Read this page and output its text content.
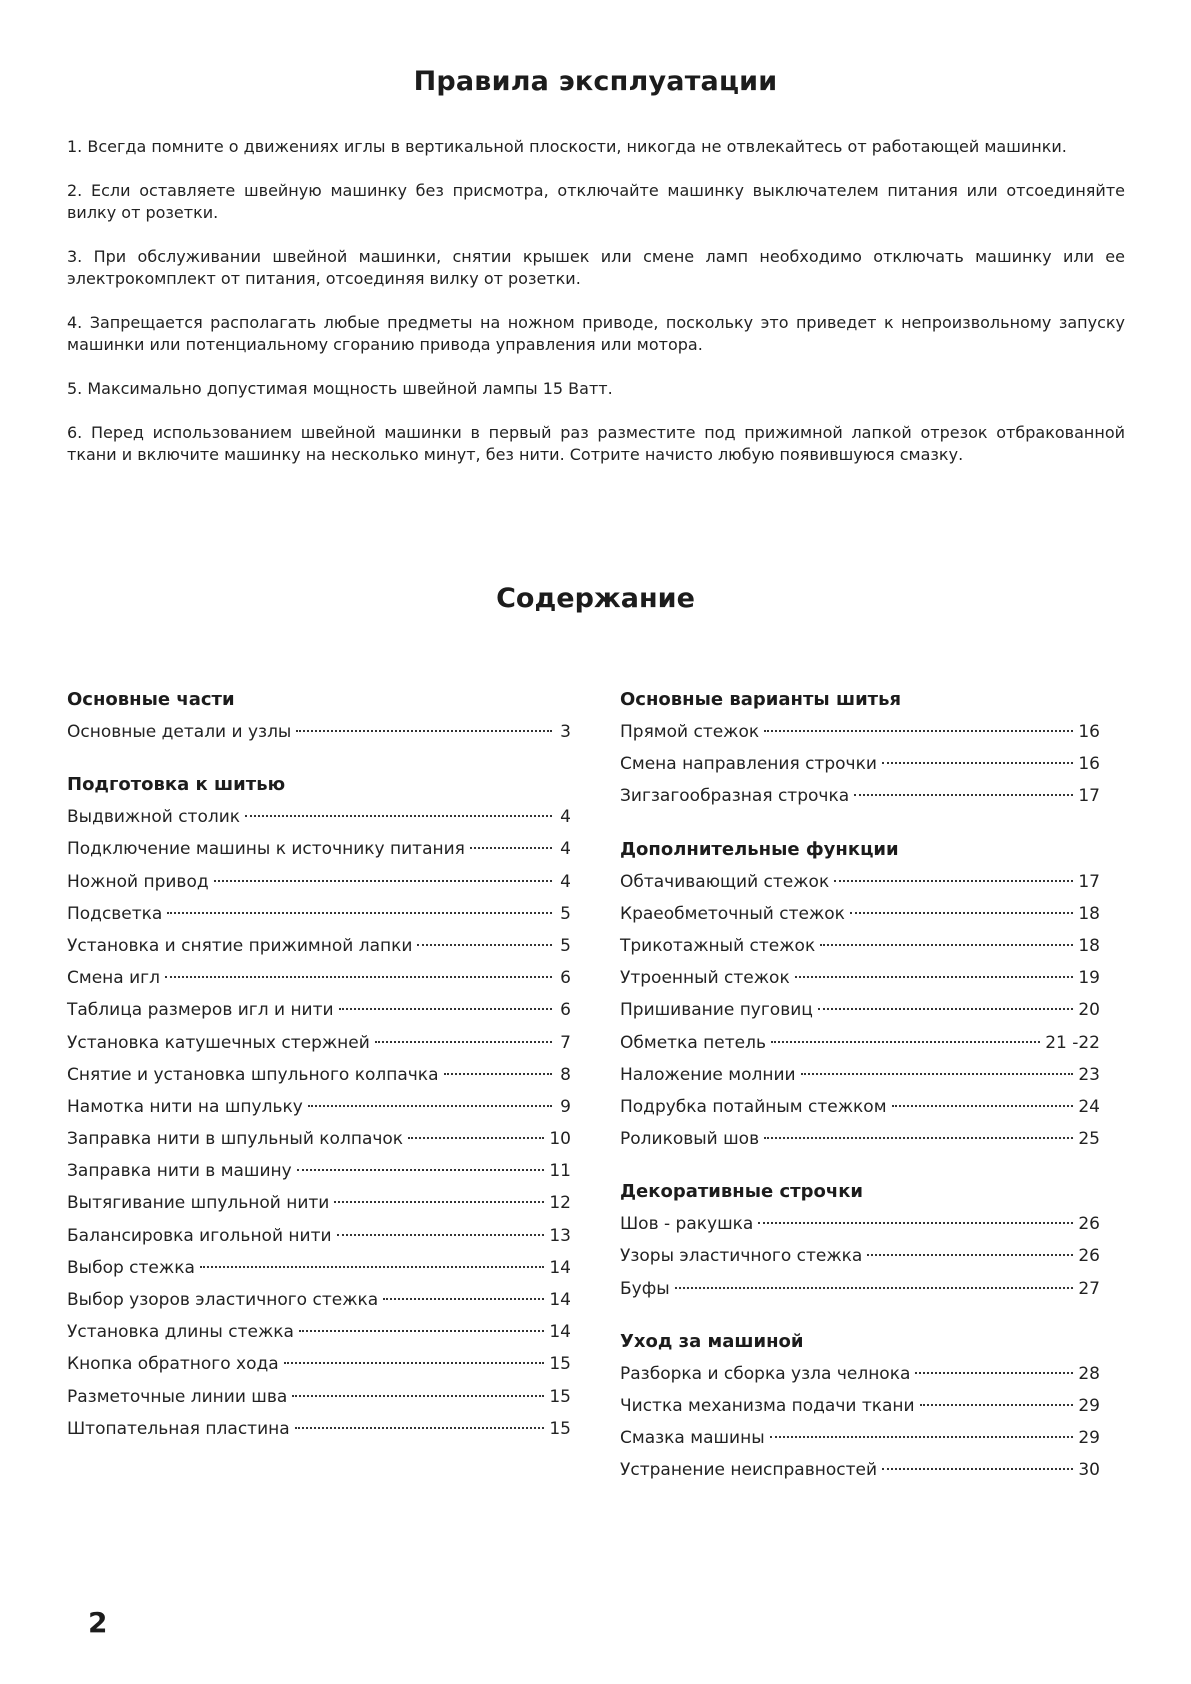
Правила эксплуатации

1. Всегда помните о движениях иглы в вертикальной плоскости, никогда не отвлекайтесь от работающей машинки.

2. Если оставляете швейную машинку без присмотра, отключайте машинку выключателем питания или отсоединяйте вилку от розетки.

3. При обслуживании швейной машинки, снятии крышек или смене ламп необходимо отключать машинку или ее электрокомплект от питания, отсоединяя вилку от розетки.

4. Запрещается располагать любые предметы на ножном приводе, поскольку это приведет к непроизвольному запуску машинки или потенциальному сгоранию привода управления или мотора.

5. Максимально допустимая мощность швейной лампы 15 Ватт.

6. Перед использованием швейной машинки в первый раз разместите под прижимной лапкой отрезок отбракованной ткани и включите машинку на несколько минут, без нити. Сотрите начисто любую появившуюся смазку.

Содержание
Основные части
Основные детали и узлы	3
Подготовка к шитью
Выдвижной столик	4
Подключение машины к источнику питания	4
Ножной привод	4
Подсветка	5
Установка и снятие прижимной лапки	5
Смена игл	6
Таблица размеров игл и нити	6
Установка катушечных стержней	7
Снятие и установка шпульного колпачка	8
Намотка нити на шпульку	9
Заправка нити в шпульный колпачок	10
Заправка нити в машину	11
Вытягивание шпульной нити	12
Балансировка игольной нити	13
Выбор стежка	14
Выбор узоров эластичного стежка	14
Установка длины стежка	14
Кнопка обратного хода	15
Разметочные линии шва	15
Штопательная пластина	15
Основные варианты шитья
Прямой стежок	16
Смена направления строчки	16
Зигзагообразная строчка	17
Дополнительные функции
Обтачивающий стежок	17
Краеобметочный стежок	18
Трикотажный стежок	18
Утроенный стежок	19
Пришивание пуговиц	20
Обметка петель	21 -22
Наложение молнии	23
Подрубка потайным стежком	24
Роликовый шов	25
Декоративные строчки
Шов - ракушка	26
Узоры эластичного стежка	26
Буфы	27
Уход за машиной
Разборка и сборка узла челнока	28
Чистка механизма подачи ткани	29
Смазка машины	29
Устранение неисправностей	30
2
